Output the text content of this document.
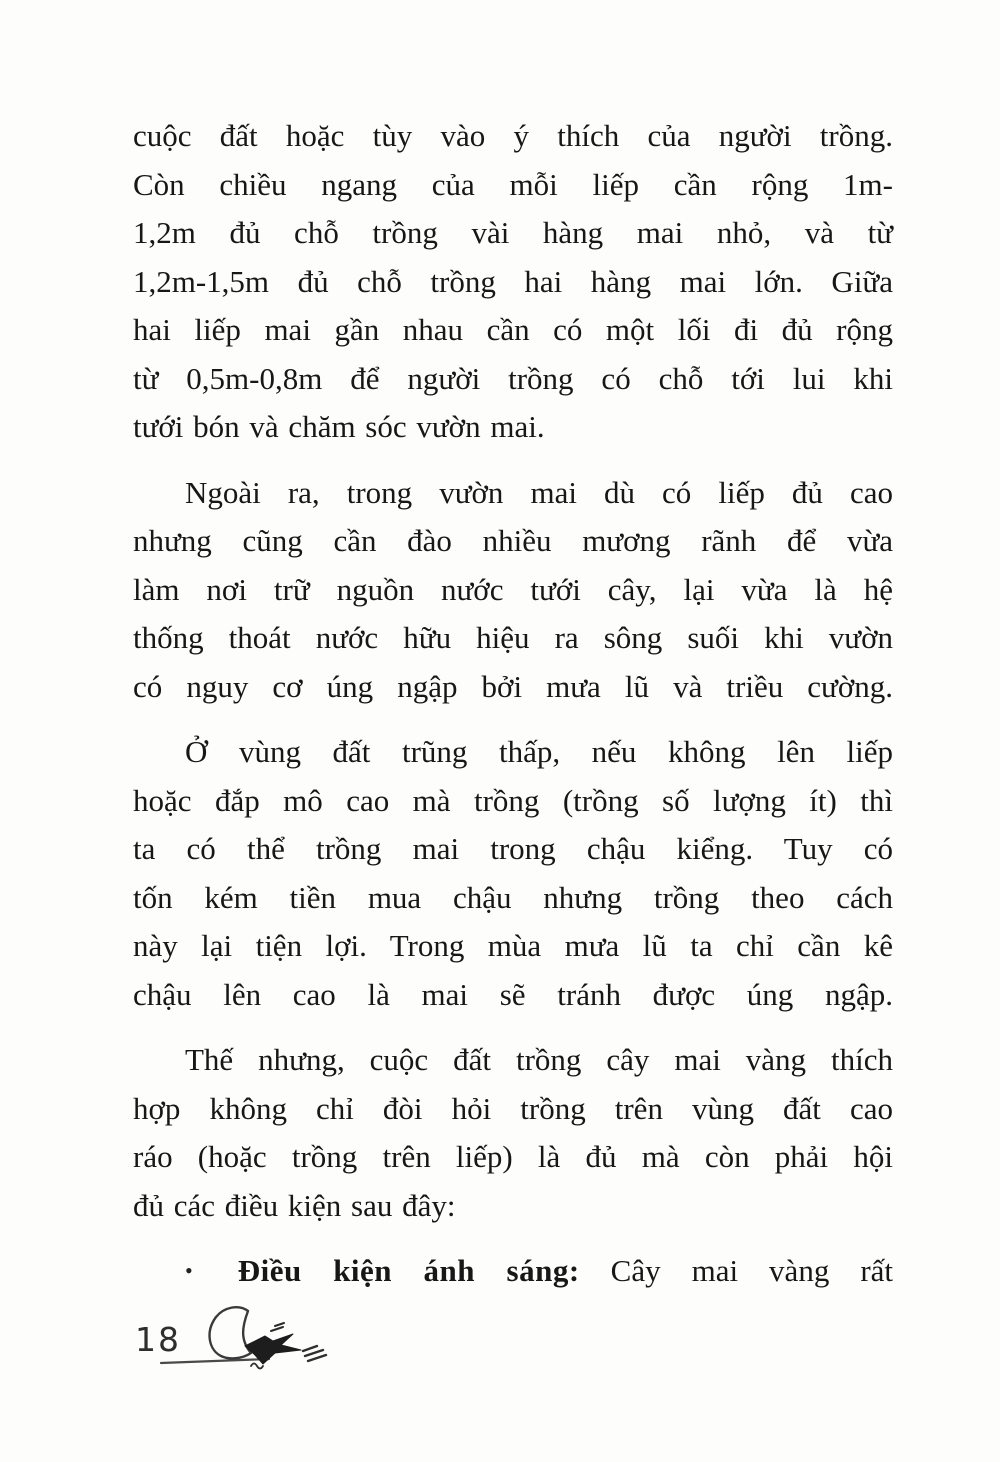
cuộc đất hoặc tùy vào ý thích của người trồng.
Còn chiều ngang của mỗi liếp cần rộng 1m-
1,2m đủ chỗ trồng vài hàng mai nhỏ, và từ
1,2m-1,5m đủ chỗ trồng hai hàng mai lớn. Giữa
hai liếp mai gần nhau cần có một lối đi đủ rộng
từ 0,5m-0,8m để người trồng có chỗ tới lui khi
tưới bón và chăm sóc vườn mai.
Ngoài ra, trong vườn mai dù có liếp đủ cao
nhưng cũng cần đào nhiều mương rãnh để vừa
làm nơi trữ nguồn nước tưới cây, lại vừa là hệ
thống thoát nước hữu hiệu ra sông suối khi vườn
có nguy cơ úng ngập bởi mưa lũ và triều cường.
Ở vùng đất trũng thấp, nếu không lên liếp
hoặc đắp mô cao mà trồng (trồng số lượng ít) thì
ta có thể trồng mai trong chậu kiểng. Tuy có
tốn kém tiền mua chậu nhưng trồng theo cách
này lại tiện lợi. Trong mùa mưa lũ ta chỉ cần kê
chậu lên cao là mai sẽ tránh được úng ngập.
Thế nhưng, cuộc đất trồng cây mai vàng thích
hợp không chỉ đòi hỏi trồng trên vùng đất cao
ráo (hoặc trồng trên liếp) là đủ mà còn phải hội
đủ các điều kiện sau đây:
• Điều kiện ánh sáng: Cây mai vàng rất
18
